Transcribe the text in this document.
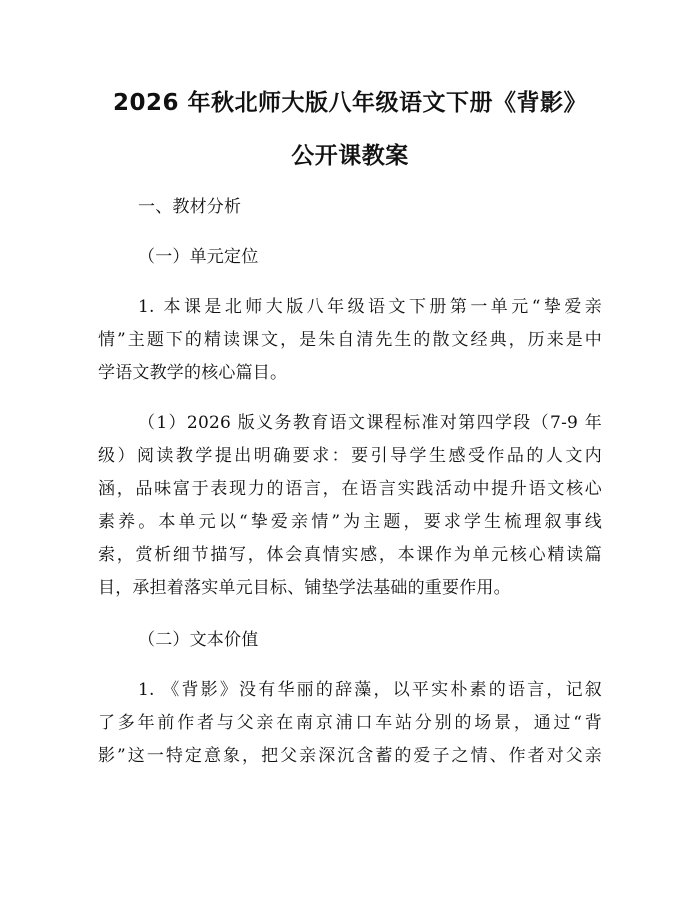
2026 年秋北师大版八年级语文下册《背影》
公开课教案
一、教材分析
（一）单元定位
1. 本课是北师大版八年级语文下册第一单元“挚爱亲
情”主题下的精读课文，是朱自清先生的散文经典，历来是中
学语文教学的核心篇目。
（1）2026 版义务教育语文课程标准对第四学段（7-9 年
级）阅读教学提出明确要求：要引导学生感受作品的人文内
涵，品味富于表现力的语言，在语言实践活动中提升语文核心
素养。本单元以“挚爱亲情”为主题，要求学生梳理叙事线
索，赏析细节描写，体会真情实感，本课作为单元核心精读篇
目，承担着落实单元目标、铺垫学法基础的重要作用。
（二）文本价值
1. 《背影》没有华丽的辞藻，以平实朴素的语言，记叙
了多年前作者与父亲在南京浦口车站分别的场景，通过“背
影”这一特定意象，把父亲深沉含蓄的爱子之情、作者对父亲
